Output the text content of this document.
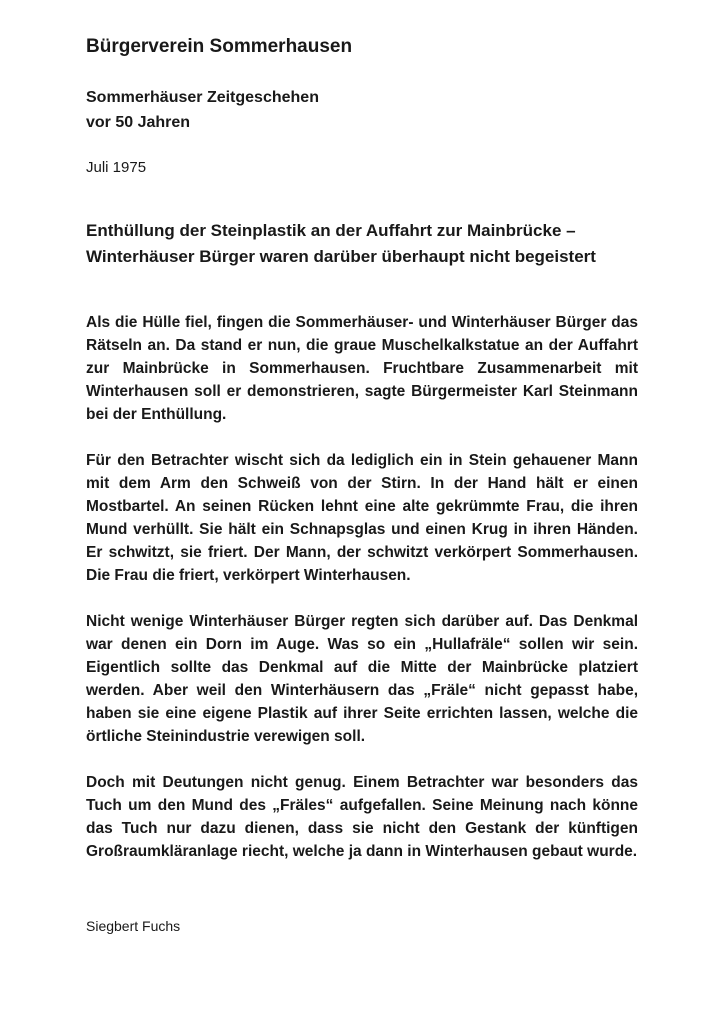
Bürgerverein Sommerhausen
Sommerhäuser Zeitgeschehen
vor 50 Jahren
Juli 1975
Enthüllung der Steinplastik an der Auffahrt zur Mainbrücke –
Winterhäuser Bürger waren darüber überhaupt nicht begeistert

Als die Hülle fiel, fingen die Sommerhäuser- und Winterhäuser Bürger das Rätseln an. Da stand er nun, die graue Muschelkalkstatue an der Auffahrt zur Mainbrücke in Sommerhausen. Fruchtbare Zusammenarbeit mit Winterhausen soll er demonstrieren, sagte Bürgermeister Karl Steinmann bei der Enthüllung.

Für den Betrachter wischt sich da lediglich ein in Stein gehauener Mann mit dem Arm den Schweiß von der Stirn. In der Hand hält er einen Mostbartel. An seinen Rücken lehnt eine alte gekrümmte Frau, die ihren Mund verhüllt. Sie hält ein Schnapsglas und einen Krug in ihren Händen. Er schwitzt, sie friert. Der Mann, der schwitzt verkörpert Sommerhausen. Die Frau die friert, verkörpert Winterhausen.

Nicht wenige Winterhäuser Bürger regten sich darüber auf. Das Denkmal war denen ein Dorn im Auge. Was so ein „Hullafräle“ sollen wir sein. Eigentlich sollte das Denkmal auf die Mitte der Mainbrücke platziert werden. Aber weil den Winterhäusern das „Fräle“ nicht gepasst habe, haben sie eine eigene Plastik auf ihrer Seite errichten lassen, welche die örtliche Steinindustrie verewigen soll.

Doch mit Deutungen nicht genug. Einem Betrachter war besonders das Tuch um den Mund des „Fräles“ aufgefallen. Seine Meinung nach könne das Tuch nur dazu dienen, dass sie nicht den Gestank der künftigen Großraumkläranlage riecht, welche ja dann in Winterhausen gebaut wurde.

Siegbert Fuchs
